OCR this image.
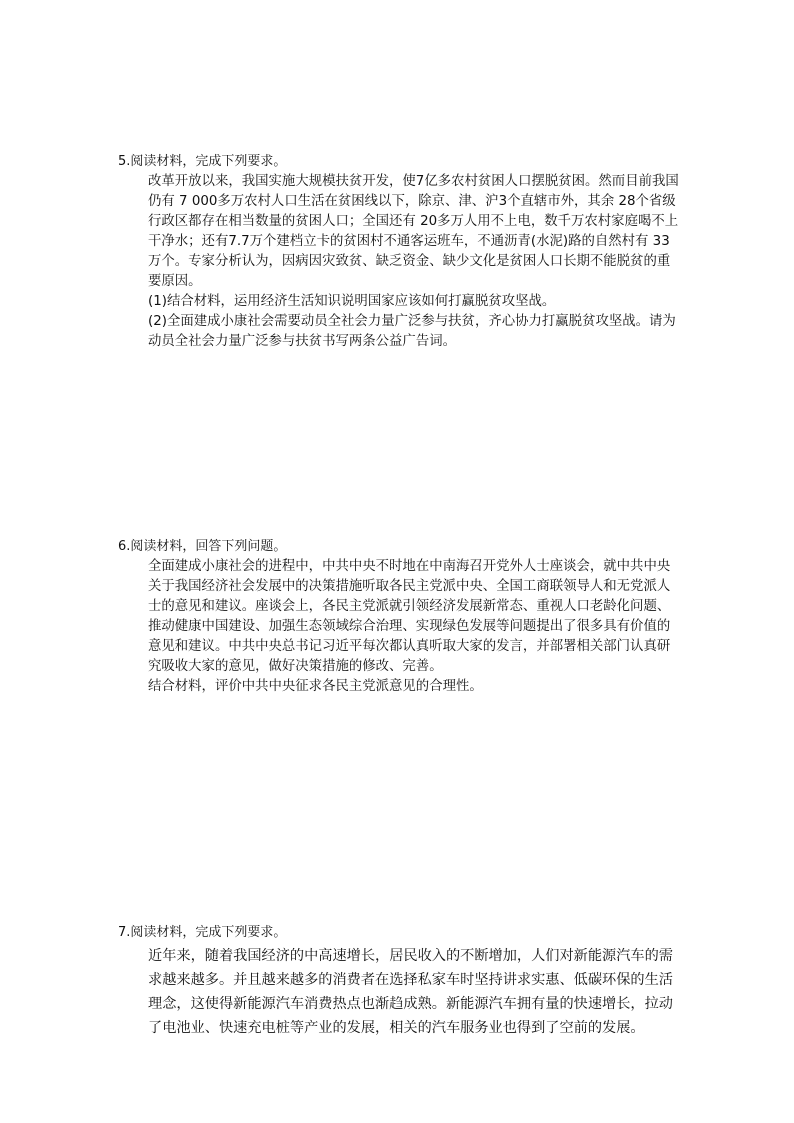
5.阅读材料，完成下列要求。
改革开放以来，我国实施大规模扶贫开发，使7亿多农村贫困人口摆脱贫困。然而目前我国仍有 7 000多万农村人口生活在贫困线以下，除京、津、沪3个直辖市外，其余 28个省级行政区都存在相当数量的贫困人口；全国还有 20多万人用不上电，数千万农村家庭喝不上干净水；还有7.7万个建档立卡的贫困村不通客运班车，不通沥青(水泥)路的自然村有 33万个。专家分析认为，因病因灾致贫、缺乏资金、缺少文化是贫困人口长期不能脱贫的重要原因。
(1)结合材料，运用经济生活知识说明国家应该如何打赢脱贫攻坚战。
(2)全面建成小康社会需要动员全社会力量广泛参与扶贫，齐心协力打赢脱贫攻坚战。请为动员全社会力量广泛参与扶贫书写两条公益广告词。
6.阅读材料，回答下列问题。
全面建成小康社会的进程中，中共中央不时地在中南海召开党外人士座谈会，就中共中央关于我国经济社会发展中的决策措施听取各民主党派中央、全国工商联领导人和无党派人士的意见和建议。座谈会上，各民主党派就引领经济发展新常态、重视人口老龄化问题、推动健康中国建设、加强生态领域综合治理、实现绿色发展等问题提出了很多具有价值的意见和建议。中共中央总书记习近平每次都认真听取大家的发言，并部署相关部门认真研究吸收大家的意见，做好决策措施的修改、完善。
结合材料，评价中共中央征求各民主党派意见的合理性。
7.阅读材料，完成下列要求。
近年来，随着我国经济的中高速增长，居民收入的不断增加，人们对新能源汽车的需求越来越多。并且越来越多的消费者在选择私家车时坚持讲求实惠、低碳环保的生活理念，这使得新能源汽车消费热点也渐趋成熟。新能源汽车拥有量的快速增长，拉动了电池业、快速充电桩等产业的发展，相关的汽车服务业也得到了空前的发展。
